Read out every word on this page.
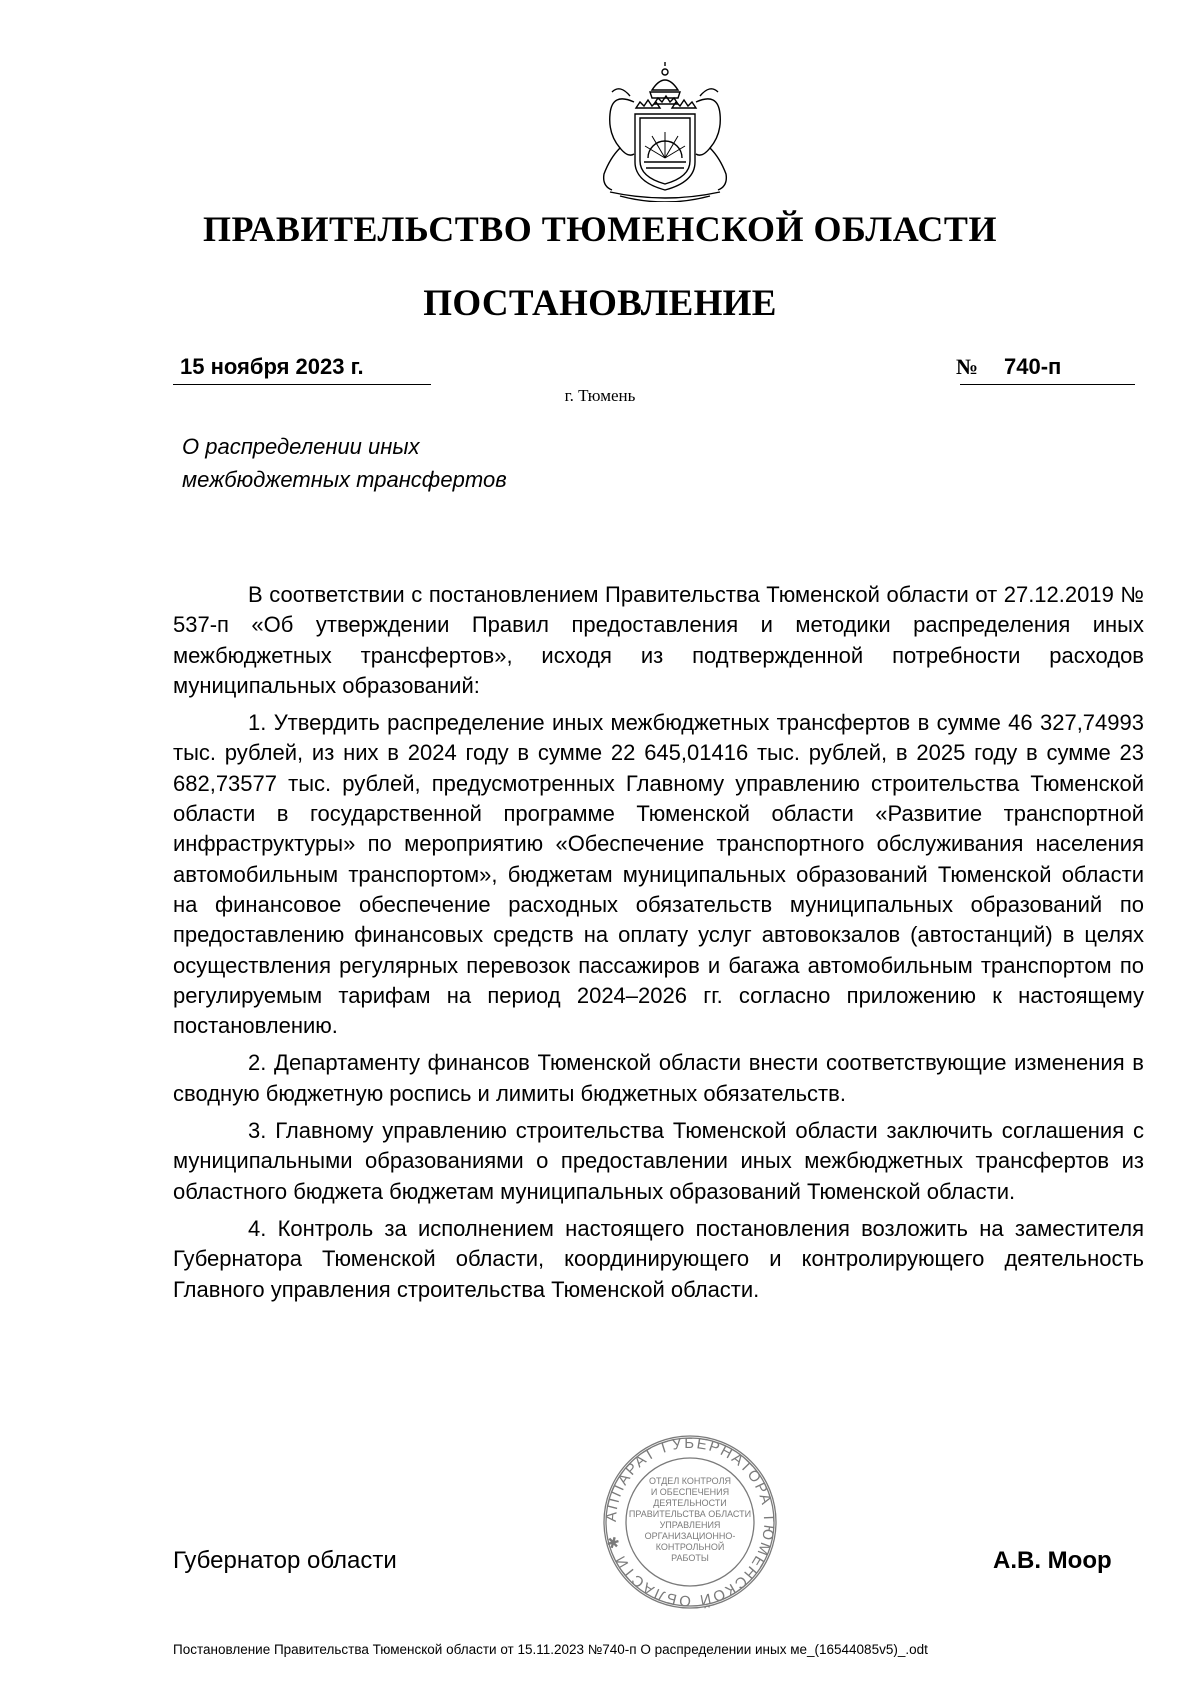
ПРАВИТЕЛЬСТВО ТЮМЕНСКОЙ ОБЛАСТИ
ПОСТАНОВЛЕНИЕ
15 ноября 2023 г.	№ 740-п
г. Тюмень
О распределении иных
межбюджетных трансфертов

В соответствии с постановлением Правительства Тюменской области от 27.12.2019 № 537-п «Об утверждении Правил предоставления и методики распределения иных межбюджетных трансфертов», исходя из подтвержденной потребности расходов муниципальных образований:

1. Утвердить распределение иных межбюджетных трансфертов в сумме 46 327,74993 тыс. рублей, из них в 2024 году в сумме 22 645,01416 тыс. рублей, в 2025 году в сумме 23 682,73577 тыс. рублей, предусмотренных Главному управлению строительства Тюменской области в государственной программе Тюменской области «Развитие транспортной инфраструктуры» по мероприятию «Обеспечение транспортного обслуживания населения автомобильным транспортом», бюджетам муниципальных образований Тюменской области на финансовое обеспечение расходных обязательств муниципальных образований по предоставлению финансовых средств на оплату услуг автовокзалов (автостанций) в целях осуществления регулярных перевозок пассажиров и багажа автомобильным транспортом по регулируемым тарифам на период 2024–2026 гг. согласно приложению к настоящему постановлению.

2. Департаменту финансов Тюменской области внести соответствующие изменения в сводную бюджетную роспись и лимиты бюджетных обязательств.

3. Главному управлению строительства Тюменской области заключить соглашения с муниципальными образованиями о предоставлении иных межбюджетных трансфертов из областного бюджета бюджетам муниципальных образований Тюменской области.

4. Контроль за исполнением настоящего постановления возложить на заместителя Губернатора Тюменской области, координирующего и контролирующего деятельность Главного управления строительства Тюменской области.

АППАРАТ ГУБЕРНАТОРА ТЮМЕНСКОЙ ОБЛАСТИ ✱
ОТДЕЛ КОНТРОЛЯ
И ОБЕСПЕЧЕНИЯ
ДЕЯТЕЛЬНОСТИ
ПРАВИТЕЛЬСТВА ОБЛАСТИ
УПРАВЛЕНИЯ
ОРГАНИЗАЦИОННО-
КОНТРОЛЬНОЙ
РАБОТЫ
Губернатор области	А.В. Моор
Постановление Правительства Тюменской области от 15.11.2023 №740-п О распределении иных ме_(16544085v5)_.odt
